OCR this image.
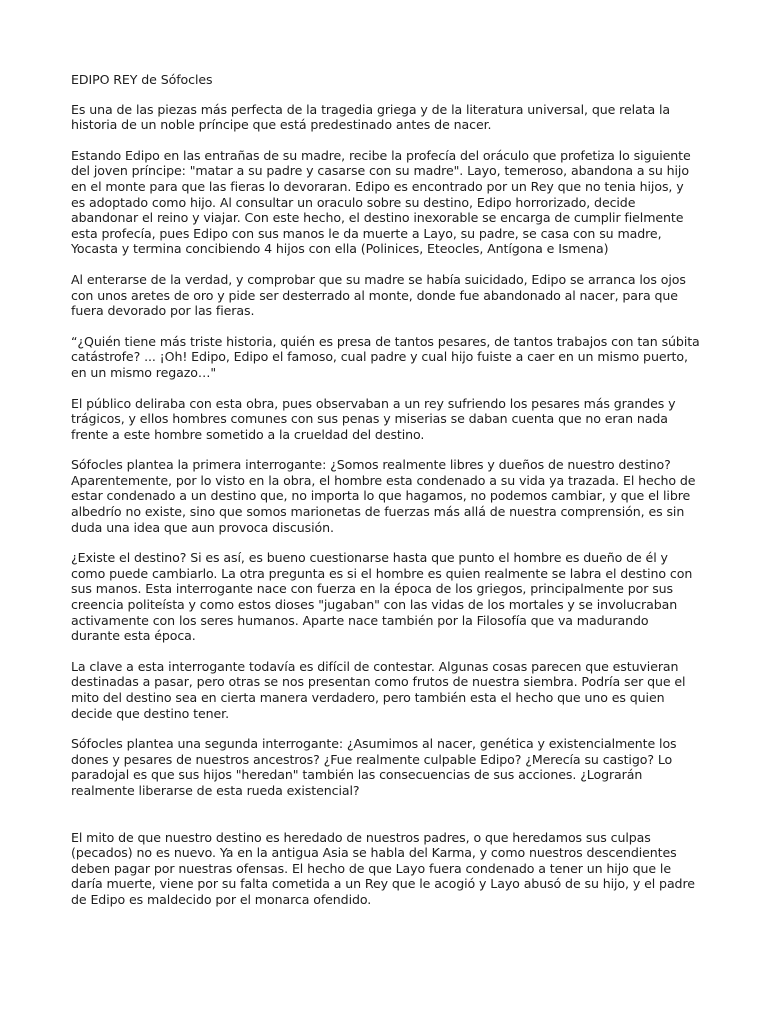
EDIPO REY de Sófocles

Es una de las piezas más perfecta de la tragedia griega y de la literatura universal, que relata la historia de un noble príncipe que está predestinado antes de nacer.

Estando Edipo en las entrañas de su madre, recibe la profecía del oráculo que profetiza lo siguiente del joven príncipe: "matar a su padre y casarse con su madre". Layo, temeroso, abandona a su hijo en el monte para que las fieras lo devoraran. Edipo es encontrado por un Rey que no tenia hijos, y es adoptado como hijo. Al consultar un oraculo sobre su destino, Edipo horrorizado, decide abandonar el reino y viajar. Con este hecho, el destino inexorable se encarga de cumplir fielmente esta profecía, pues Edipo con sus manos le da muerte a Layo, su padre, se casa con su madre, Yocasta y termina concibiendo 4 hijos con ella (Polinices, Eteocles, Antígona e Ismena)

Al enterarse de la verdad, y comprobar que su madre se había suicidado, Edipo se arranca los ojos con unos aretes de oro y pide ser desterrado al monte, donde fue abandonado al nacer, para que fuera devorado por las fieras.

“¿Quién tiene más triste historia, quién es presa de tantos pesares, de tantos trabajos con tan súbita catástrofe? ... ¡Oh! Edipo, Edipo el famoso, cual padre y cual hijo fuiste a caer en un mismo puerto, en un mismo regazo…"

El público deliraba con esta obra, pues observaban a un rey sufriendo los pesares más grandes y trágicos, y ellos hombres comunes con sus penas y miserias se daban cuenta que no eran nada frente a este hombre sometido a la crueldad del destino.

Sófocles plantea la primera interrogante: ¿Somos realmente libres y dueños de nuestro destino? Aparentemente, por lo visto en la obra, el hombre esta condenado a su vida ya trazada. El hecho de estar condenado a un destino que, no importa lo que hagamos, no podemos cambiar, y que el libre albedrío no existe, sino que somos marionetas de fuerzas más allá de nuestra comprensión, es sin duda una idea que aun provoca discusión.

¿Existe el destino? Si es así, es bueno cuestionarse hasta que punto el hombre es dueño de él y como puede cambiarlo. La otra pregunta es si el hombre es quien realmente se labra el destino con sus manos. Esta interrogante nace con fuerza en la época de los griegos, principalmente por sus creencia politeísta y como estos dioses "jugaban" con las vidas de los mortales y se involucraban activamente con los seres humanos. Aparte nace también por la Filosofía que va madurando durante esta época.

La clave a esta interrogante todavía es difícil de contestar. Algunas cosas parecen que estuvieran destinadas a pasar, pero otras se nos presentan como frutos de nuestra siembra. Podría ser que el mito del destino sea en cierta manera verdadero, pero también esta el hecho que uno es quien decide que destino tener.

Sófocles plantea una segunda interrogante: ¿Asumimos al nacer, genética y existencialmente los dones y pesares de nuestros ancestros? ¿Fue realmente culpable Edipo? ¿Merecía su castigo? Lo paradojal es que sus hijos "heredan" también las consecuencias de sus acciones. ¿Lograrán realmente liberarse de esta rueda existencial?

El mito de que nuestro destino es heredado de nuestros padres, o que heredamos sus culpas (pecados) no es nuevo. Ya en la antigua Asia se habla del Karma, y como nuestros descendientes deben pagar por nuestras ofensas. El hecho de que Layo fuera condenado a tener un hijo que le daría muerte, viene por su falta cometida a un Rey que le acogió y Layo abusó de su hijo, y el padre de Edipo es maldecido por el monarca ofendido.
